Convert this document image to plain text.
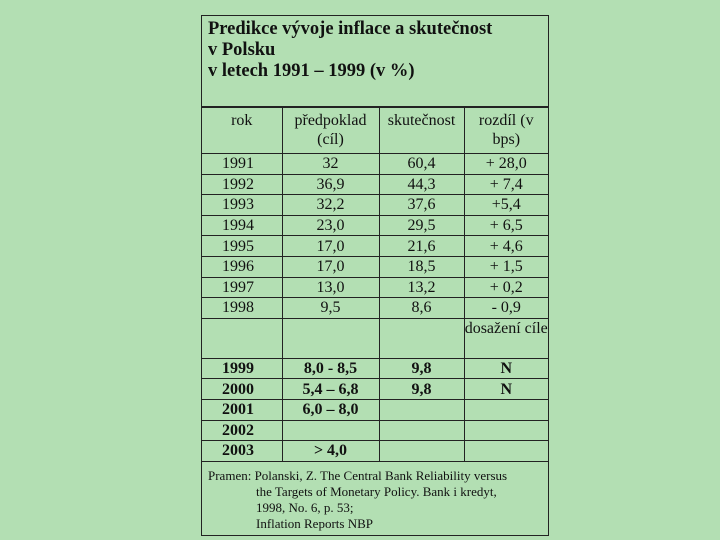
Predikce vývoje inflace a skutečnost
v Polsku
v letech 1991 – 1999 (v %)
rok	předpoklad (cíl)	skutečnost	rozdíl (v bps)
1991	32	60,4	+ 28,0
1992	36,9	44,3	+ 7,4
1993	32,2	37,6	+5,4
1994	23,0	29,5	+ 6,5
1995	17,0	21,6	+ 4,6
1996	17,0	18,5	+ 1,5
1997	13,0	13,2	+ 0,2
1998	9,5	8,6	- 0,9
			dosažení cíle
1999	8,0 - 8,5	9,8	N
2000	5,4 – 6,8	9,8	N
2001	6,0 – 8,0		
2002			
2003	> 4,0		
Pramen: Polanski, Z. The Central Bank Reliability versus
the Targets of Monetary Policy. Bank i kredyt,
1998, No. 6, p. 53;
Inflation Reports NBP
